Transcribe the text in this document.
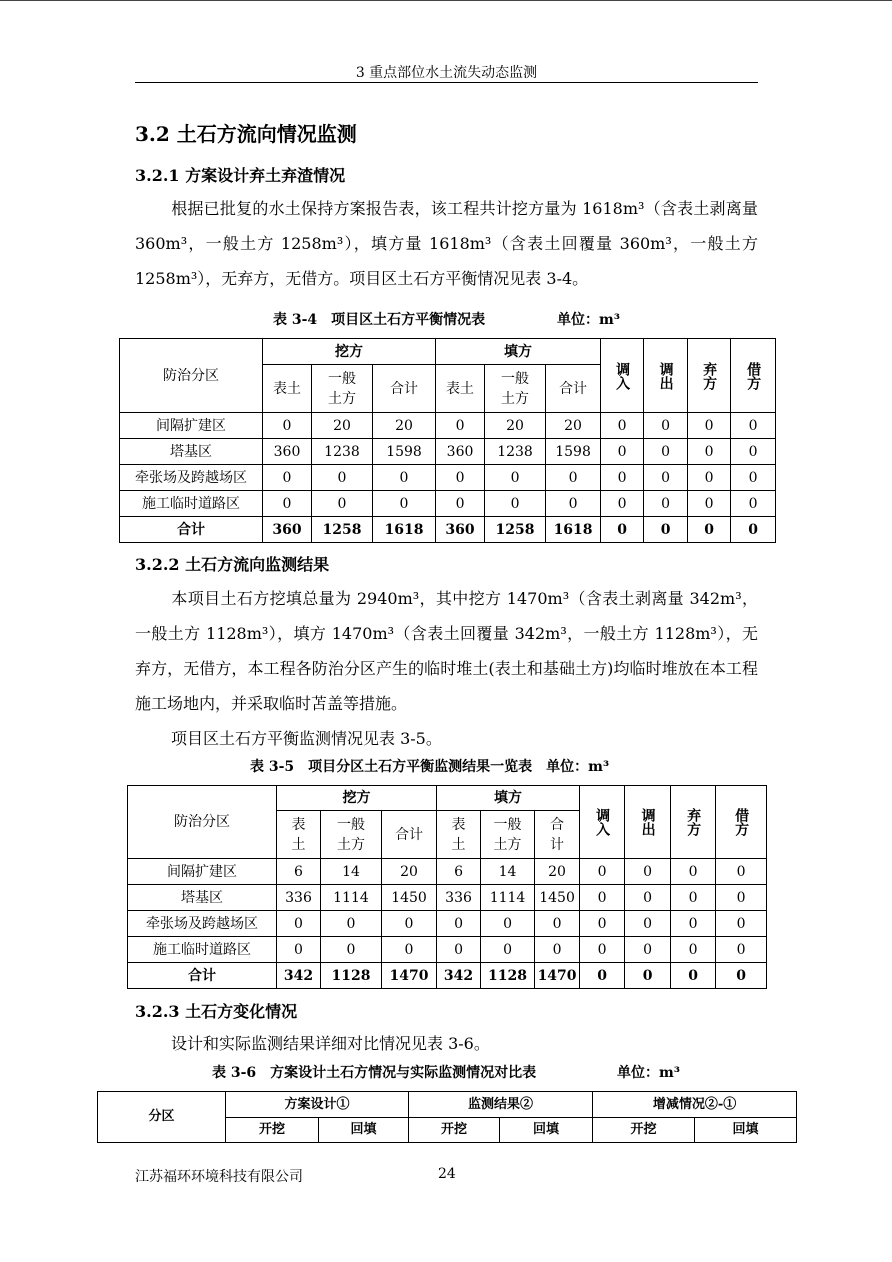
3 重点部位水土流失动态监测
3.2 土石方流向情况监测
3.2.1 方案设计弃土弃渣情况
根据已批复的水土保持方案报告表，该工程共计挖方量为 1618m³（含表土剥离量 360m³，一般土方 1258m³），填方量 1618m³（含表土回覆量 360m³，一般土方 1258m³），无弃方，无借方。项目区土石方平衡情况见表 3-4。
表 3-4　项目区土石方平衡情况表	单位：m³
防治分区	挖方			填方			调入	调出	弃方	借方
	表土	一般土方	合计	表土	一般土方	合计				
间隔扩建区	0	20	20	0	20	20	0	0	0	0
塔基区	360	1238	1598	360	1238	1598	0	0	0	0
牵张场及跨越场区	0	0	0	0	0	0	0	0	0	0
施工临时道路区	0	0	0	0	0	0	0	0	0	0
合计	360	1258	1618	360	1258	1618	0	0	0	0
3.2.2 土石方流向监测结果
本项目土石方挖填总量为 2940m³，其中挖方 1470m³（含表土剥离量 342m³，一般土方 1128m³），填方 1470m³（含表土回覆量 342m³，一般土方 1128m³），无弃方，无借方，本工程各防治分区产生的临时堆土(表土和基础土方)均临时堆放在本工程施工场地内，并采取临时苫盖等措施。
项目区土石方平衡监测情况见表 3-5。
表 3-5　项目分区土石方平衡监测结果一览表　单位：m³
防治分区	挖方			填方			调入	调出	弃方	借方
	表土	一般土方	合计	表土	一般土方	合计				
间隔扩建区	6	14	20	6	14	20	0	0	0	0
塔基区	336	1114	1450	336	1114	1450	0	0	0	0
牵张场及跨越场区	0	0	0	0	0	0	0	0	0	0
施工临时道路区	0	0	0	0	0	0	0	0	0	0
合计	342	1128	1470	342	1128	1470	0	0	0	0
3.2.3 土石方变化情况
设计和实际监测结果详细对比情况见表 3-6。
表 3-6　方案设计土石方情况与实际监测情况对比表	单位：m³
分区	方案设计①		监测结果②		增减情况②-①	
	开挖	回填	开挖	回填	开挖	回填
江苏福环环境科技有限公司	24
